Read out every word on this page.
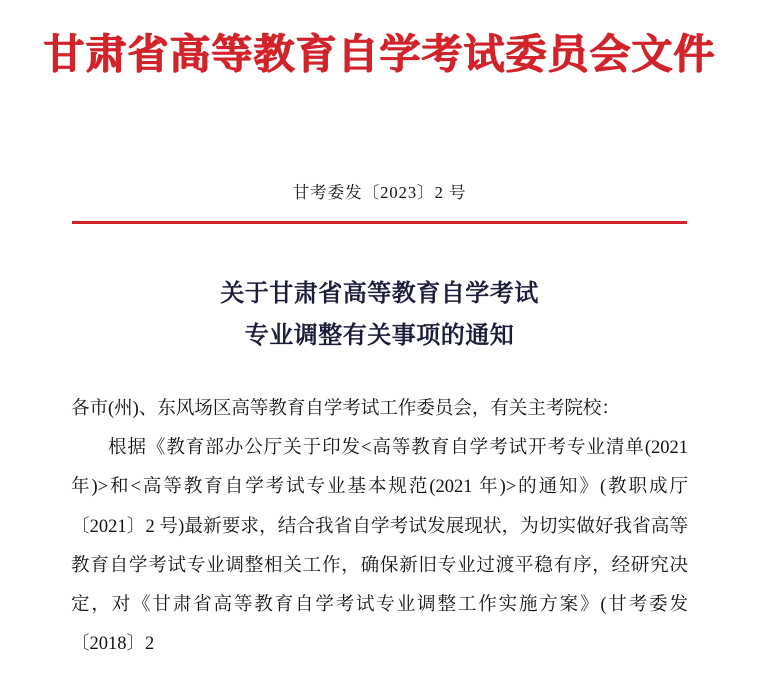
甘肃省高等教育自学考试委员会文件
甘考委发〔2023〕2 号
关于甘肃省高等教育自学考试
专业调整有关事项的通知

各市(州)、东风场区高等教育自学考试工作委员会，有关主考院校：

根据《教育部办公厅关于印发<高等教育自学考试开考专业清单(2021 年)>和<高等教育自学考试专业基本规范(2021 年)>的通知》(教职成厅〔2021〕2 号)最新要求，结合我省自学考试发展现状，为切实做好我省高等教育自学考试专业调整相关工作，确保新旧专业过渡平稳有序，经研究决定，对《甘肃省高等教育自学考试专业调整工作实施方案》(甘考委发〔2018〕2
